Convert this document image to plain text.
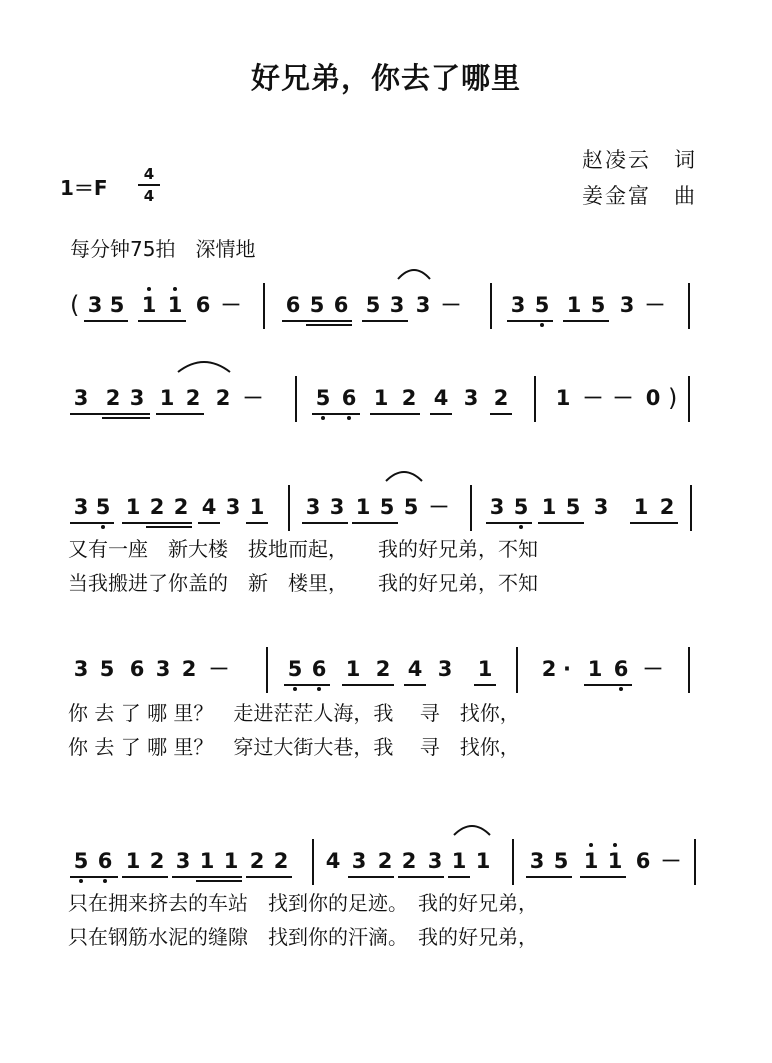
好兄弟，你去了哪里
赵凌云　词
姜金富　曲
1＝F
4
4
每分钟75拍　深情地
( 3 5 1 1 6 － 6 5 6 5 3 3 － 3 5 1 5 3 －
3 2 3 1 2 2 － 5 6 1 2 4 3 2 1 － － 0 )
3 5 1 2 2 4 3 1 3 3 1 5 5 － 3 5 1 5 3 1 2
又有一座　新大楼　拔地而起，　　我的好兄弟，不知
当我搬进了你盖的　新　楼里，　　我的好兄弟，不知
3 5 6 3 2 －	5 6 1 2 4 3 1 2 · 1 6 －
你 去 了 哪 里？　走进茫茫人海，我　 寻　找你，
你 去 了 哪 里？　穿过大街大巷，我　 寻　找你，
5 6 1 2 3 1 1 2 2 4 3 2 2 3 1 1 3 5 1 1 6 －
只在拥来挤去的车站　找到你的足迹。　我的好兄弟，
只在钢筋水泥的缝隙　找到你的汗滴。　我的好兄弟，
